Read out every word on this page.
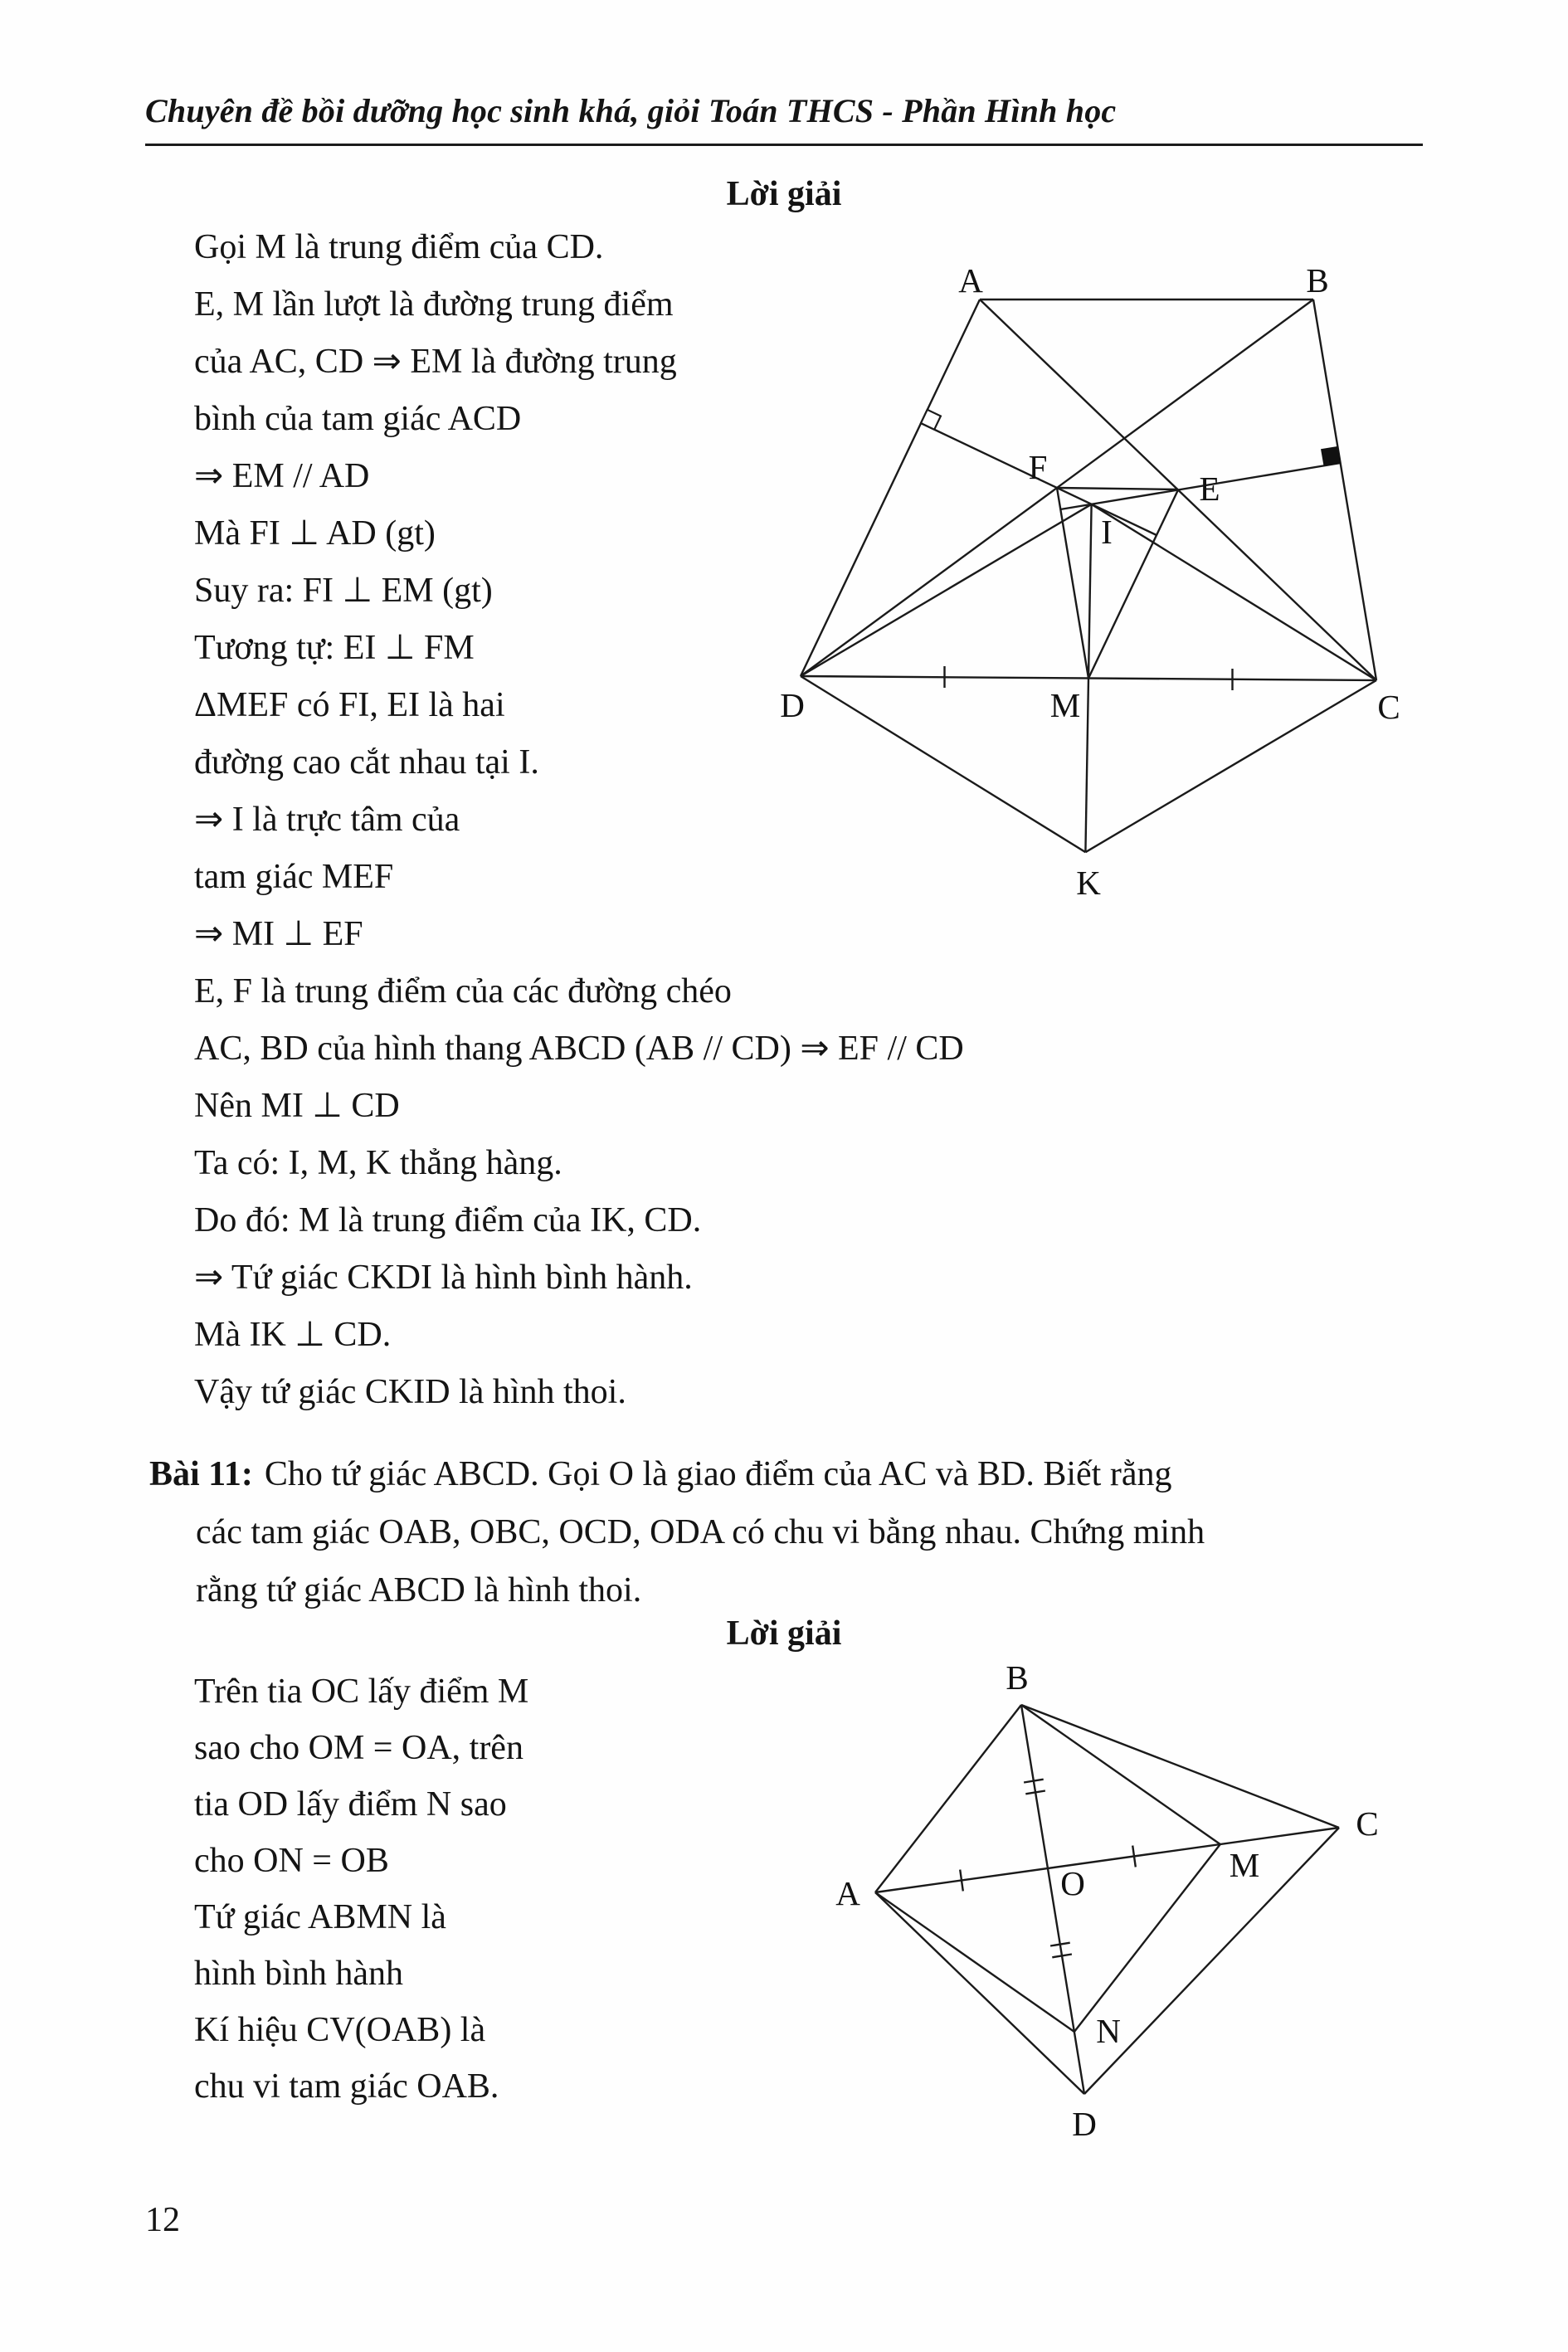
Chuyên đề bồi dưỡng học sinh khá, giỏi Toán THCS - Phần Hình học
Lời giải
Gọi M là trung điểm của CD.
E, M lần lượt là đường trung điểm
của AC, CD ⇒ EM là đường trung
bình của tam giác ACD
⇒ EM // AD
Mà FI ⊥ AD (gt)
Suy ra: FI ⊥ EM (gt)
Tương tự: EI ⊥ FM
ΔMEF có FI, EI là hai
đường cao cắt nhau tại I.
⇒ I là trực tâm của
tam giác MEF
⇒ MI ⊥ EF
E, F là trung điểm của các đường chéo
AC, BD của hình thang ABCD (AB // CD) ⇒ EF // CD
Nên MI ⊥ CD
Ta có: I, M, K thẳng hàng.
Do đó: M là trung điểm của IK, CD.
⇒ Tứ giác CKDI là hình bình hành.
Mà IK ⊥ CD.
Vậy tứ giác CKID là hình thoi.
A	B
D	C
M
K
E
F
I
Bài 11: Cho tứ giác ABCD. Gọi O là giao điểm của AC và BD. Biết rằng
các tam giác OAB, OBC, OCD, ODA có chu vi bằng nhau. Chứng minh
rằng tứ giác ABCD là hình thoi.
Lời giải
Trên tia OC lấy điểm M
sao cho OM = OA, trên
tia OD lấy điểm N sao
cho ON = OB
Tứ giác ABMN là
hình bình hành
Kí hiệu CV(OAB) là
chu vi tam giác OAB.
B
C
A
D
M
N
O
12
